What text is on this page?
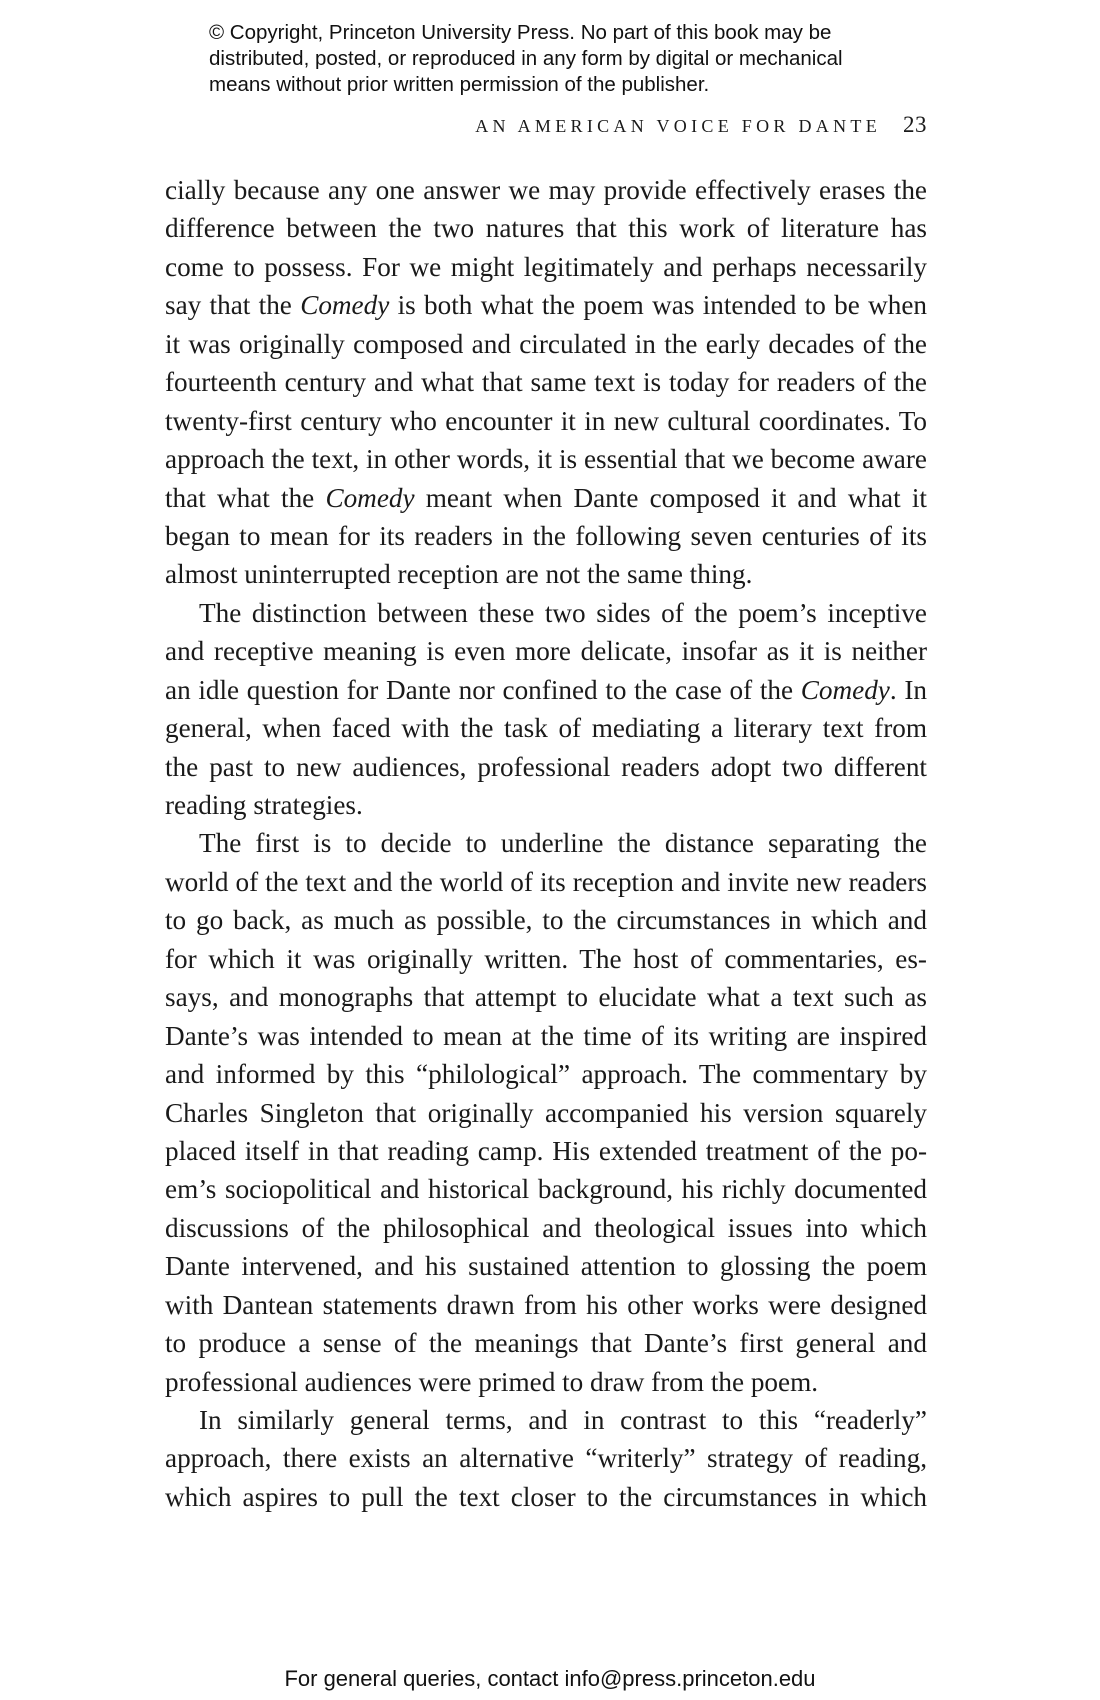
© Copyright, Princeton University Press. No part of this book may be
distributed, posted, or reproduced in any form by digital or mechanical
means without prior written permission of the publisher.
AN AMERICAN VOICE FOR DANTE 23
cially because any one answer we may provide effectively erases the
difference between the two natures that this work of literature has
come to possess. For we might legitimately and perhaps necessarily
say that the Comedy is both what the poem was intended to be when
it was originally composed and circulated in the early decades of the
fourteenth century and what that same text is today for readers of the
twenty-first century who encounter it in new cultural coordinates. To
approach the text, in other words, it is essential that we become aware
that what the Comedy meant when Dante composed it and what it
began to mean for its readers in the following seven centuries of its
almost uninterrupted reception are not the same thing.
The distinction between these two sides of the poem’s inceptive
and receptive meaning is even more delicate, insofar as it is neither
an idle question for Dante nor confined to the case of the Comedy. In
general, when faced with the task of mediating a literary text from
the past to new audiences, professional readers adopt two different
reading strategies.
The first is to decide to underline the distance separating the
world of the text and the world of its reception and invite new readers
to go back, as much as possible, to the circumstances in which and
for which it was originally written. The host of commentaries, es-
says, and monographs that attempt to elucidate what a text such as
Dante’s was intended to mean at the time of its writing are inspired
and informed by this “philological” approach. The commentary by
Charles Singleton that originally accompanied his version squarely
placed itself in that reading camp. His extended treatment of the po-
em’s sociopolitical and historical background, his richly documented
discussions of the philosophical and theological issues into which
Dante intervened, and his sustained attention to glossing the poem
with Dantean statements drawn from his other works were designed
to produce a sense of the meanings that Dante’s first general and
professional audiences were primed to draw from the poem.
In similarly general terms, and in contrast to this “readerly”
approach, there exists an alternative “writerly” strategy of reading,
which aspires to pull the text closer to the circumstances in which
For general queries, contact info@press.princeton.edu
